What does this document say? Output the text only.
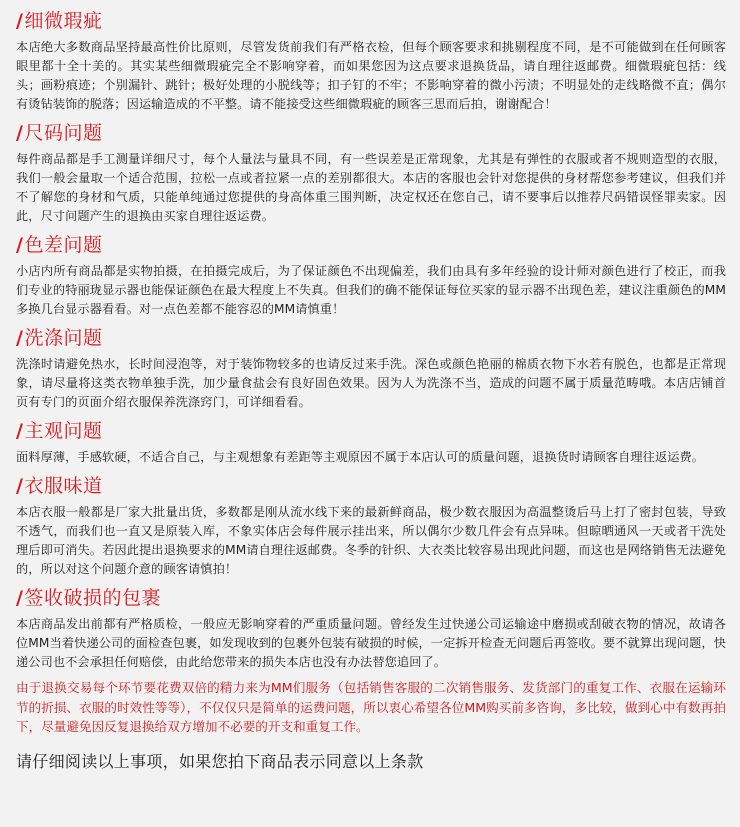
/细微瑕疵

本店绝大多数商品坚持最高性价比原则，尽管发货前我们有严格衣检，但每个顾客要求和挑剔程度不同，是不可能做到在任何顾客眼里都十全十美的。其实某些细微瑕疵完全不影响穿着，而如果您因为这点要求退换货品，请自理往返邮费。细微瑕疵包括：线头；画粉痕迹；个别漏针、跳针；极好处理的小脱线等；扣子钉的不牢；不影响穿着的微小污渍；不明显处的走线略微不直；偶尔有烫钻装饰的脱落；因运输造成的不平整。请不能接受这些细微瑕疵的顾客三思而后拍，谢谢配合！

/尺码问题

每件商品都是手工测量详细尺寸，每个人量法与量具不同，有一些误差是正常现象，尤其是有弹性的衣服或者不规则造型的衣服，我们一般会量取一个适合范围，拉松一点或者拉紧一点的差别都很大。本店的客服也会针对您提供的身材帮您参考建议，但我们并不了解您的身材和气质，只能单纯通过您提供的身高体重三围判断，决定权还在您自己，请不要事后以推荐尺码错误怪罪卖家。因此，尺寸问题产生的退换由买家自理往返运费。

/色差问题

小店内所有商品都是实物拍摄，在拍摄完成后，为了保证颜色不出现偏差，我们由具有多年经验的设计师对颜色进行了校正，而我们专业的特丽珑显示器也能保证颜色在最大程度上不失真。但我们的确不能保证每位买家的显示器不出现色差，建议注重颜色的MM多换几台显示器看看。对一点色差都不能容忍的MM请慎重！

/洗涤问题

洗涤时请避免热水，长时间浸泡等，对于装饰物较多的也请反过来手洗。深色或颜色艳丽的棉质衣物下水若有脱色，也都是正常现象，请尽量将这类衣物单独手洗，加少量食盐会有良好固色效果。因为人为洗涤不当，造成的问题不属于质量范畴哦。本店店铺首页有专门的页面介绍衣服保养洗涤窍门，可详细看看。

/主观问题

面料厚薄，手感软硬，不适合自己，与主观想象有差距等主观原因不属于本店认可的质量问题，退换货时请顾客自理往返运费。

/衣服味道

本店衣服一般都是厂家大批量出货，多数都是刚从流水线下来的最新鲜商品，极少数衣服因为高温整烫后马上打了密封包装，导致不透气，而我们也一直又是原装入库，不象实体店会每件展示挂出来，所以偶尔少数几件会有点异味。但晾晒通风一天或者干洗处理后即可消失。若因此提出退换要求的MM请自理往返邮费。冬季的针织、大衣类比较容易出现此问题，而这也是网络销售无法避免的，所以对这个问题介意的顾客请慎拍！

/签收破损的包裹

本店商品发出前都有严格质检，一般应无影响穿着的严重质量问题。曾经发生过快递公司运输途中磨损或刮破衣物的情况，故请各位MM当着快递公司的面检查包裹，如发现收到的包裹外包装有破损的时候，一定拆开检查无问题后再签收。要不就算出现问题，快递公司也不会承担任何赔偿，由此给您带来的损失本店也没有办法替您追回了。

由于退换交易每个环节要花费双倍的精力来为MM们服务（包括销售客服的二次销售服务、发货部门的重复工作、衣服在运输环节的折损、衣服的时效性等等），不仅仅只是简单的运费问题，所以衷心希望各位MM购买前多咨询，多比较，做到心中有数再拍下，尽量避免因反复退换给双方增加不必要的开支和重复工作。

请仔细阅读以上事项，如果您拍下商品表示同意以上条款
